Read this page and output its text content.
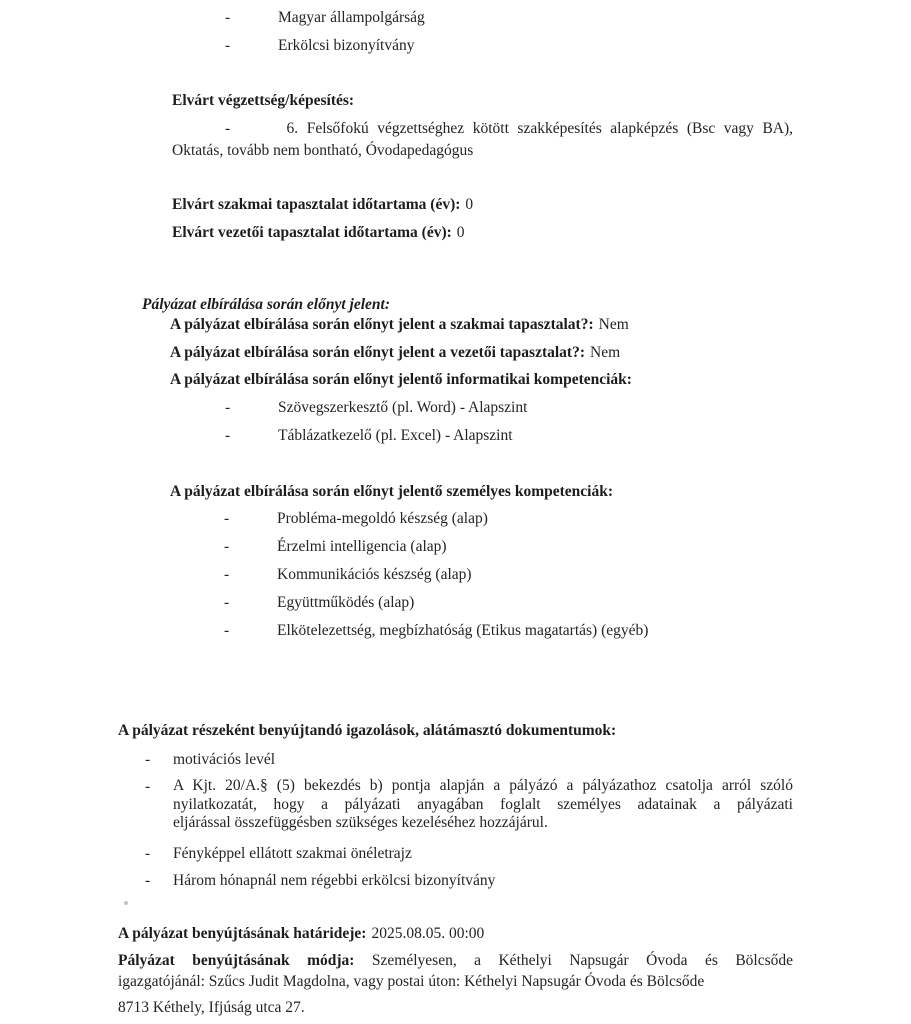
-	Magyar állampolgárság
-	Erkölcsi bizonyítvány
Elvárt végzettség/képesítés:
-	6. Felsőfokú végzettséghez kötött szakképesítés alapképzés (Bsc vagy BA),
Oktatás, tovább nem bontható, Óvodapedagógus
Elvárt szakmai tapasztalat időtartama (év): 0
Elvárt vezetői tapasztalat időtartama (év): 0
Pályázat elbírálása során előnyt jelent:
A pályázat elbírálása során előnyt jelent a szakmai tapasztalat?: Nem
A pályázat elbírálása során előnyt jelent a vezetői tapasztalat?: Nem
A pályázat elbírálása során előnyt jelentő informatikai kompetenciák:
-	Szövegszerkesztő (pl. Word) - Alapszint
-	Táblázatkezelő (pl. Excel) - Alapszint
A pályázat elbírálása során előnyt jelentő személyes kompetenciák:
-	Probléma-megoldó készség (alap)
-	Érzelmi intelligencia (alap)
-	Kommunikációs készség (alap)
-	Együttműködés (alap)
-	Elkötelezettség, megbízhatóság (Etikus magatartás) (egyéb)
A pályázat részeként benyújtandó igazolások, alátámasztó dokumentumok:
- motivációs levél
- A Kjt. 20/A.§ (5) bekezdés b) pontja alapján a pályázó a pályázathoz csatolja arról szóló
nyilatkozatát, hogy a pályázati anyagában foglalt személyes adatainak a pályázati
eljárással összefüggésben szükséges kezeléséhez hozzájárul.
- Fényképpel ellátott szakmai önéletrajz
- Három hónapnál nem régebbi erkölcsi bizonyítvány
A pályázat benyújtásának határideje: 2025.08.05. 00:00
Pályázat benyújtásának módja: Személyesen, a Kéthelyi Napsugár Óvoda és Bölcsőde
igazgatójánál: Szűcs Judit Magdolna, vagy postai úton: Kéthelyi Napsugár Óvoda és Bölcsőde
8713 Kéthely, Ifjúság utca 27.
